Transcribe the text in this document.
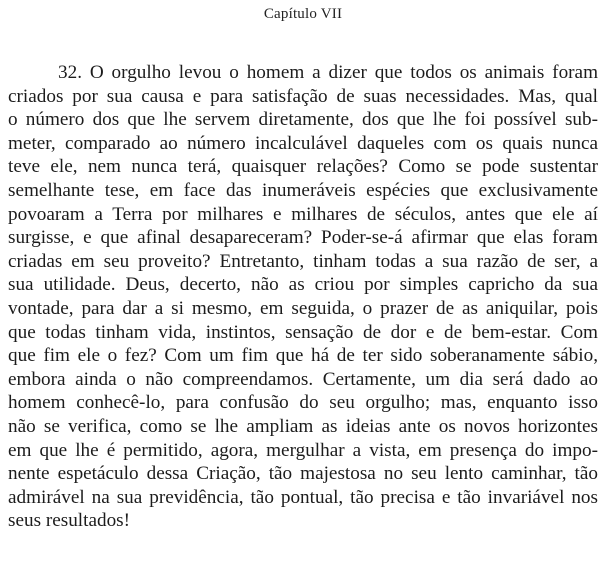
Capítulo VII
32. O orgulho levou o homem a dizer que todos os animais foram
criados por sua causa e para satisfação de suas necessidades. Mas, qual
o número dos que lhe servem diretamente, dos que lhe foi possível sub-
meter, comparado ao número incalculável daqueles com os quais nunca
teve ele, nem nunca terá, quaisquer relações? Como se pode sustentar
semelhante tese, em face das inumeráveis espécies que exclusivamente
povoaram a Terra por milhares e milhares de séculos, antes que ele aí
surgisse, e que afinal desapareceram? Poder-se-á afirmar que elas foram
criadas em seu proveito? Entretanto, tinham todas a sua razão de ser, a
sua utilidade. Deus, decerto, não as criou por simples capricho da sua
vontade, para dar a si mesmo, em seguida, o prazer de as aniquilar, pois
que todas tinham vida, instintos, sensação de dor e de bem-estar. Com
que fim ele o fez? Com um fim que há de ter sido soberanamente sábio,
embora ainda o não compreendamos. Certamente, um dia será dado ao
homem conhecê-lo, para confusão do seu orgulho; mas, enquanto isso
não se verifica, como se lhe ampliam as ideias ante os novos horizontes
em que lhe é permitido, agora, mergulhar a vista, em presença do impo-
nente espetáculo dessa Criação, tão majestosa no seu lento caminhar, tão
admirável na sua previdência, tão pontual, tão precisa e tão invariável nos
seus resultados!
